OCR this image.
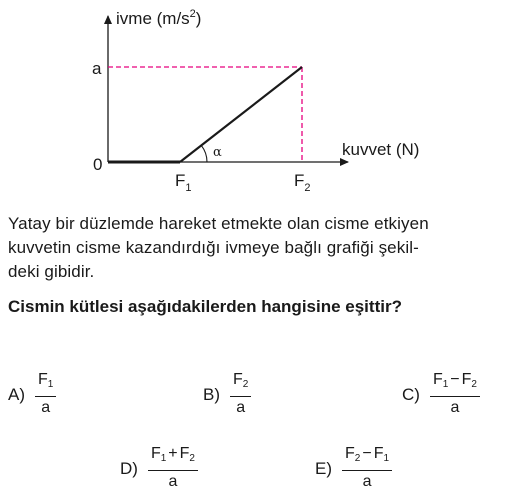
α
ivme $(m/s^2)$
kuvvet (N)
0
a
$F_1$	$F_2$
Yatay bir düzlemde hareket etmekte olan cisme etkiyen
kuvvetin cisme kazandırdığı ivmeye bağlı grafiği şekil-
deki gibidir.
Cismin kütlesi aşağıdakilerden hangisine eşittir?
$A) \frac{F_1}{a}$	$B) \frac{F_2}{a}$	$C) \frac{F_1 - F_2}{a}$
$D) \frac{F_1 + F_2}{a}$	$E) \frac{F_2 - F_1}{a}$
